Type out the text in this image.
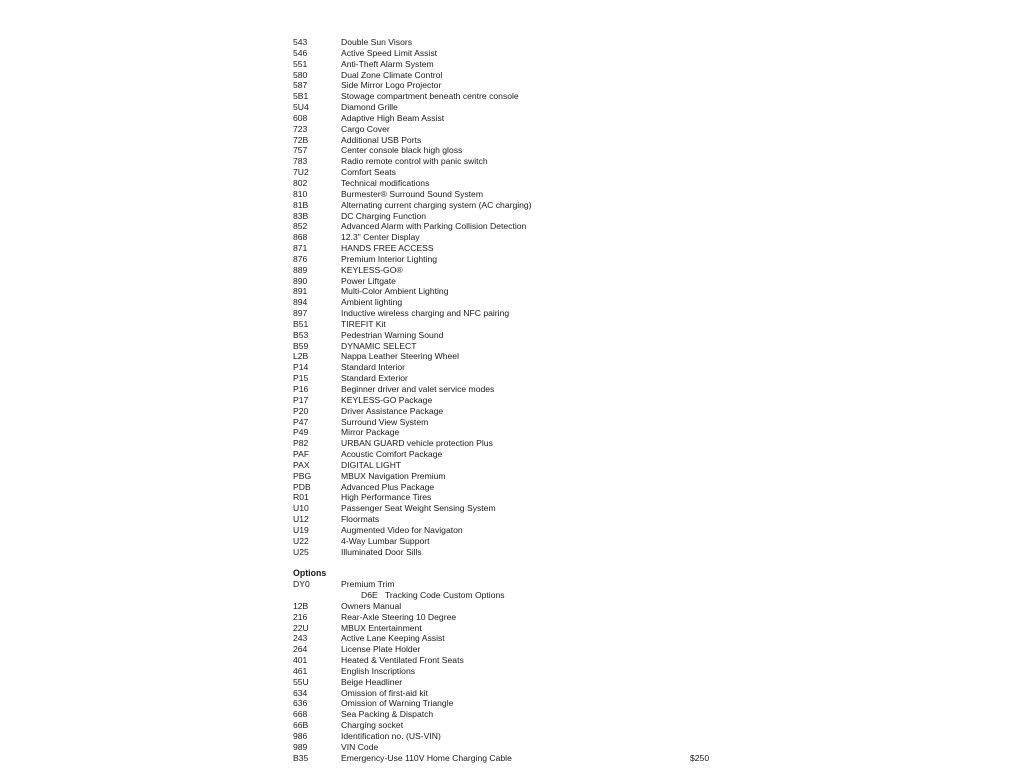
543	Double Sun Visors
546	Active Speed Limit Assist
551	Anti-Theft Alarm System
580	Dual Zone Climate Control
587	Side Mirror Logo Projector
5B1	Stowage compartment beneath centre console
5U4	Diamond Grille
608	Adaptive High Beam Assist
723	Cargo Cover
72B	Additional USB Ports
757	Center console black high gloss
783	Radio remote control with panic switch
7U2	Comfort Seats
802	Technical modifications
810	Burmester® Surround Sound System
81B	Alternating current charging system (AC charging)
83B	DC Charging Function
852	Advanced Alarm with Parking Collision Detection
868	12.3" Center Display
871	HANDS FREE ACCESS
876	Premium Interior Lighting
889	KEYLESS-GO®
890	Power Liftgate
891	Multi-Color Ambient Lighting
894	Ambient lighting
897	Inductive wireless charging and NFC pairing
B51	TIREFIT Kit
B53	Pedestrian Warning Sound
B59	DYNAMIC SELECT
L2B	Nappa Leather Steering Wheel
P14	Standard Interior
P15	Standard Exterior
P16	Beginner driver and valet service modes
P17	KEYLESS-GO Package
P20	Driver Assistance Package
P47	Surround View System
P49	Mirror Package
P82	URBAN GUARD vehicle protection Plus
PAF	Acoustic Comfort Package
PAX	DIGITAL LIGHT
PBG	MBUX Navigation Premium
PDB	Advanced Plus Package
R01	High Performance Tires
U10	Passenger Seat Weight Sensing System
U12	Floormats
U19	Augmented Video for Navigaton
U22	4-Way Lumbar Support
U25	Illuminated Door Sills
Options
DY0	Premium Trim
D6E Tracking Code Custom Options
12B	Owners Manual
216	Rear-Axle Steering 10 Degree
22U	MBUX Entertainment
243	Active Lane Keeping Assist
264	License Plate Holder
401	Heated & Ventilated Front Seats
461	English Inscriptions
55U	Beige Headliner
634	Omission of first-aid kit
636	Omission of Warning Triangle
668	Sea Packing & Dispatch
66B	Charging socket
986	Identification no. (US-VIN)
989	VIN Code
B35	Emergency-Use 110V Home Charging Cable	$250
